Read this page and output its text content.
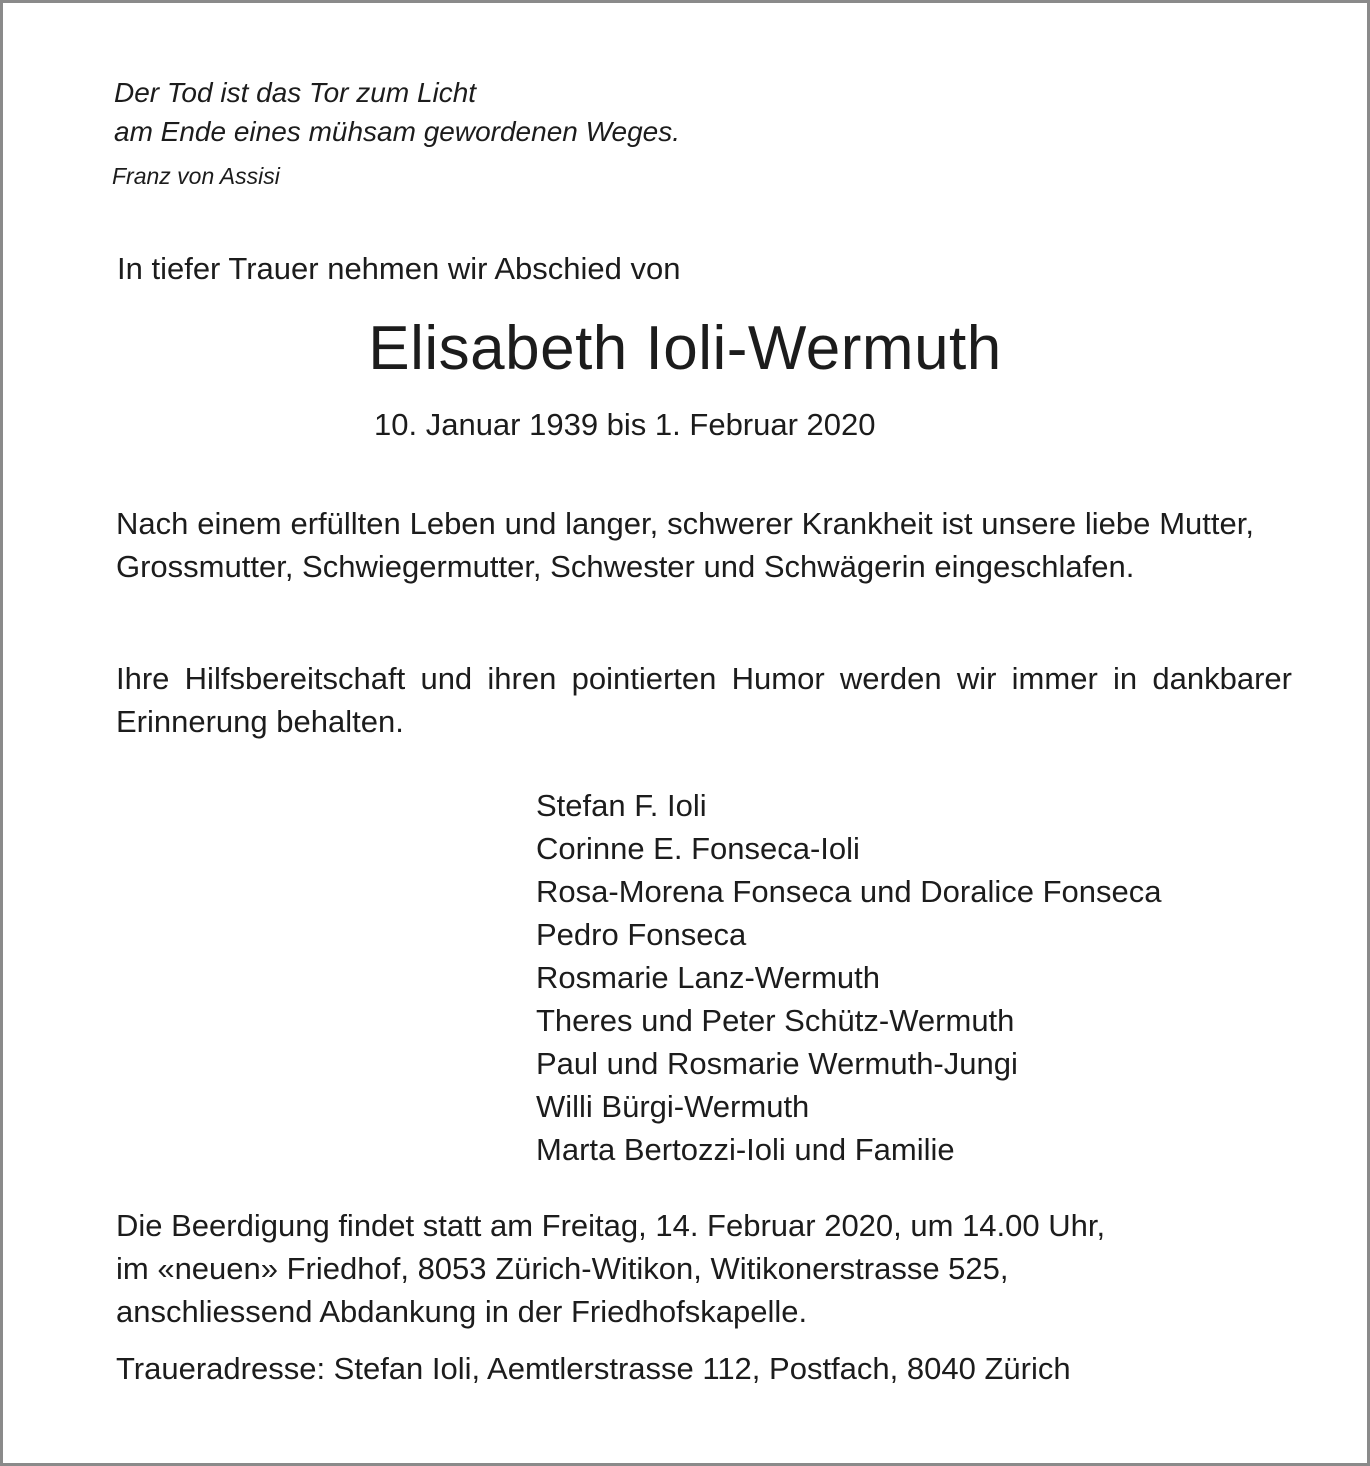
Der Tod ist das Tor zum Licht
am Ende eines mühsam gewordenen Weges.
Franz von Assisi
In tiefer Trauer nehmen wir Abschied von
Elisabeth Ioli-Wermuth
10. Januar 1939 bis 1. Februar 2020
Nach einem erfüllten Leben und langer, schwerer Krankheit ist unsere liebe Mutter, Grossmutter, Schwiegermutter, Schwester und Schwägerin eingeschlafen.
Ihre Hilfsbereitschaft und ihren pointierten Humor werden wir immer in dankbarer Erinnerung behalten.
Stefan F. Ioli
Corinne E. Fonseca-Ioli
Rosa-Morena Fonseca und Doralice Fonseca
Pedro Fonseca
Rosmarie Lanz-Wermuth
Theres und Peter Schütz-Wermuth
Paul und Rosmarie Wermuth-Jungi
Willi Bürgi-Wermuth
Marta Bertozzi-Ioli und Familie
Die Beerdigung findet statt am Freitag, 14. Februar 2020, um 14.00 Uhr,
im «neuen» Friedhof, 8053 Zürich-Witikon, Witikonerstrasse 525,
anschliessend Abdankung in der Friedhofskapelle.
Traueradresse: Stefan Ioli, Aemtlerstrasse 112, Postfach, 8040 Zürich
